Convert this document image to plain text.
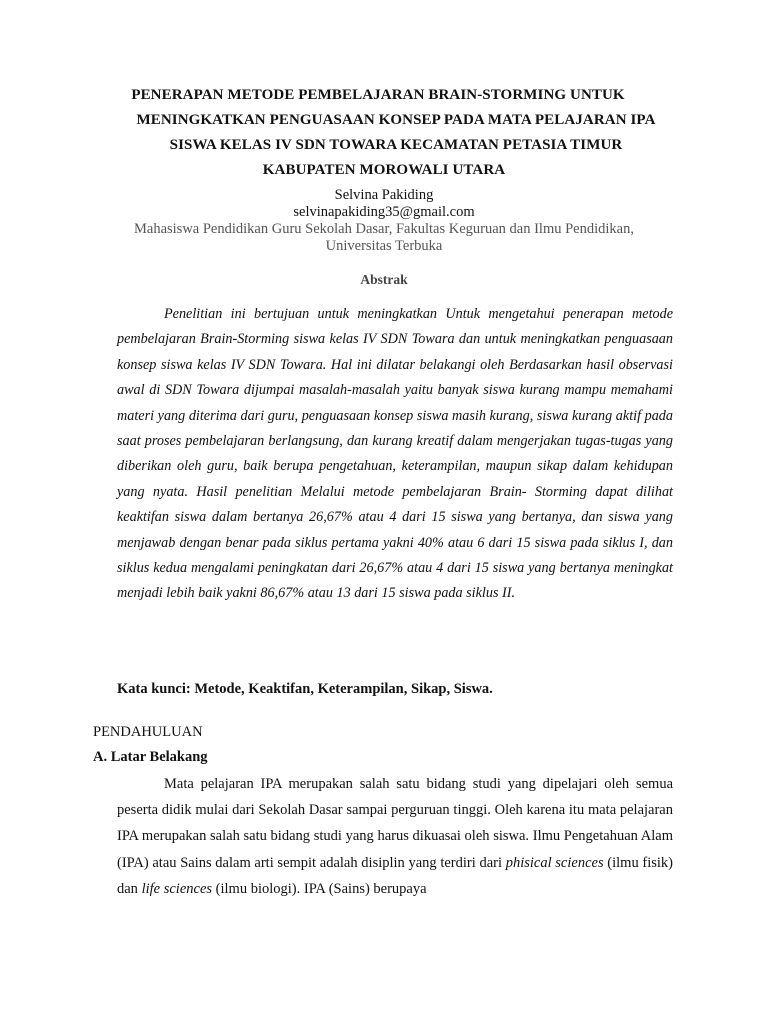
PENERAPAN METODE PEMBELAJARAN BRAIN-STORMING UNTUK
MENINGKATKAN PENGUASAAN KONSEP PADA MATA PELAJARAN IPA
SISWA KELAS IV SDN TOWARA KECAMATAN PETASIA TIMUR
KABUPATEN MOROWALI UTARA
Selvina Pakiding
selvinapakiding35@gmail.com
Mahasiswa Pendidikan Guru Sekolah Dasar, Fakultas Keguruan dan Ilmu Pendidikan,
Universitas Terbuka
Abstrak

Penelitian ini bertujuan untuk meningkatkan Untuk mengetahui penerapan metode pembelajaran Brain-Storming siswa kelas IV SDN Towara dan untuk meningkatkan penguasaan konsep siswa kelas IV SDN Towara. Hal ini dilatar belakangi oleh Berdasarkan hasil observasi awal di SDN Towara dijumpai masalah-masalah yaitu banyak siswa kurang mampu memahami materi yang diterima dari guru, penguasaan konsep siswa masih kurang, siswa kurang aktif pada saat proses pembelajaran berlangsung, dan kurang kreatif dalam mengerjakan tugas-tugas yang diberikan oleh guru, baik berupa pengetahuan, keterampilan, maupun sikap dalam kehidupan yang nyata. Hasil penelitian Melalui metode pembelajaran Brain- Storming dapat dilihat keaktifan siswa dalam bertanya 26,67% atau 4 dari 15 siswa yang bertanya, dan siswa yang menjawab dengan benar pada siklus pertama yakni 40% atau 6 dari 15 siswa pada siklus I, dan siklus kedua mengalami peningkatan dari 26,67% atau 4 dari 15 siswa yang bertanya meningkat menjadi lebih baik yakni 86,67% atau 13 dari 15 siswa pada siklus II.

Kata kunci: Metode, Keaktifan, Keterampilan, Sikap, Siswa.
PENDAHULUAN
A. Latar Belakang

Mata pelajaran IPA merupakan salah satu bidang studi yang dipelajari oleh semua peserta didik mulai dari Sekolah Dasar sampai perguruan tinggi. Oleh karena itu mata pelajaran IPA merupakan salah satu bidang studi yang harus dikuasai oleh siswa. Ilmu Pengetahuan Alam (IPA) atau Sains dalam arti sempit adalah disiplin yang terdiri dari phisical sciences (ilmu fisik) dan life sciences (ilmu biologi). IPA (Sains) berupaya
